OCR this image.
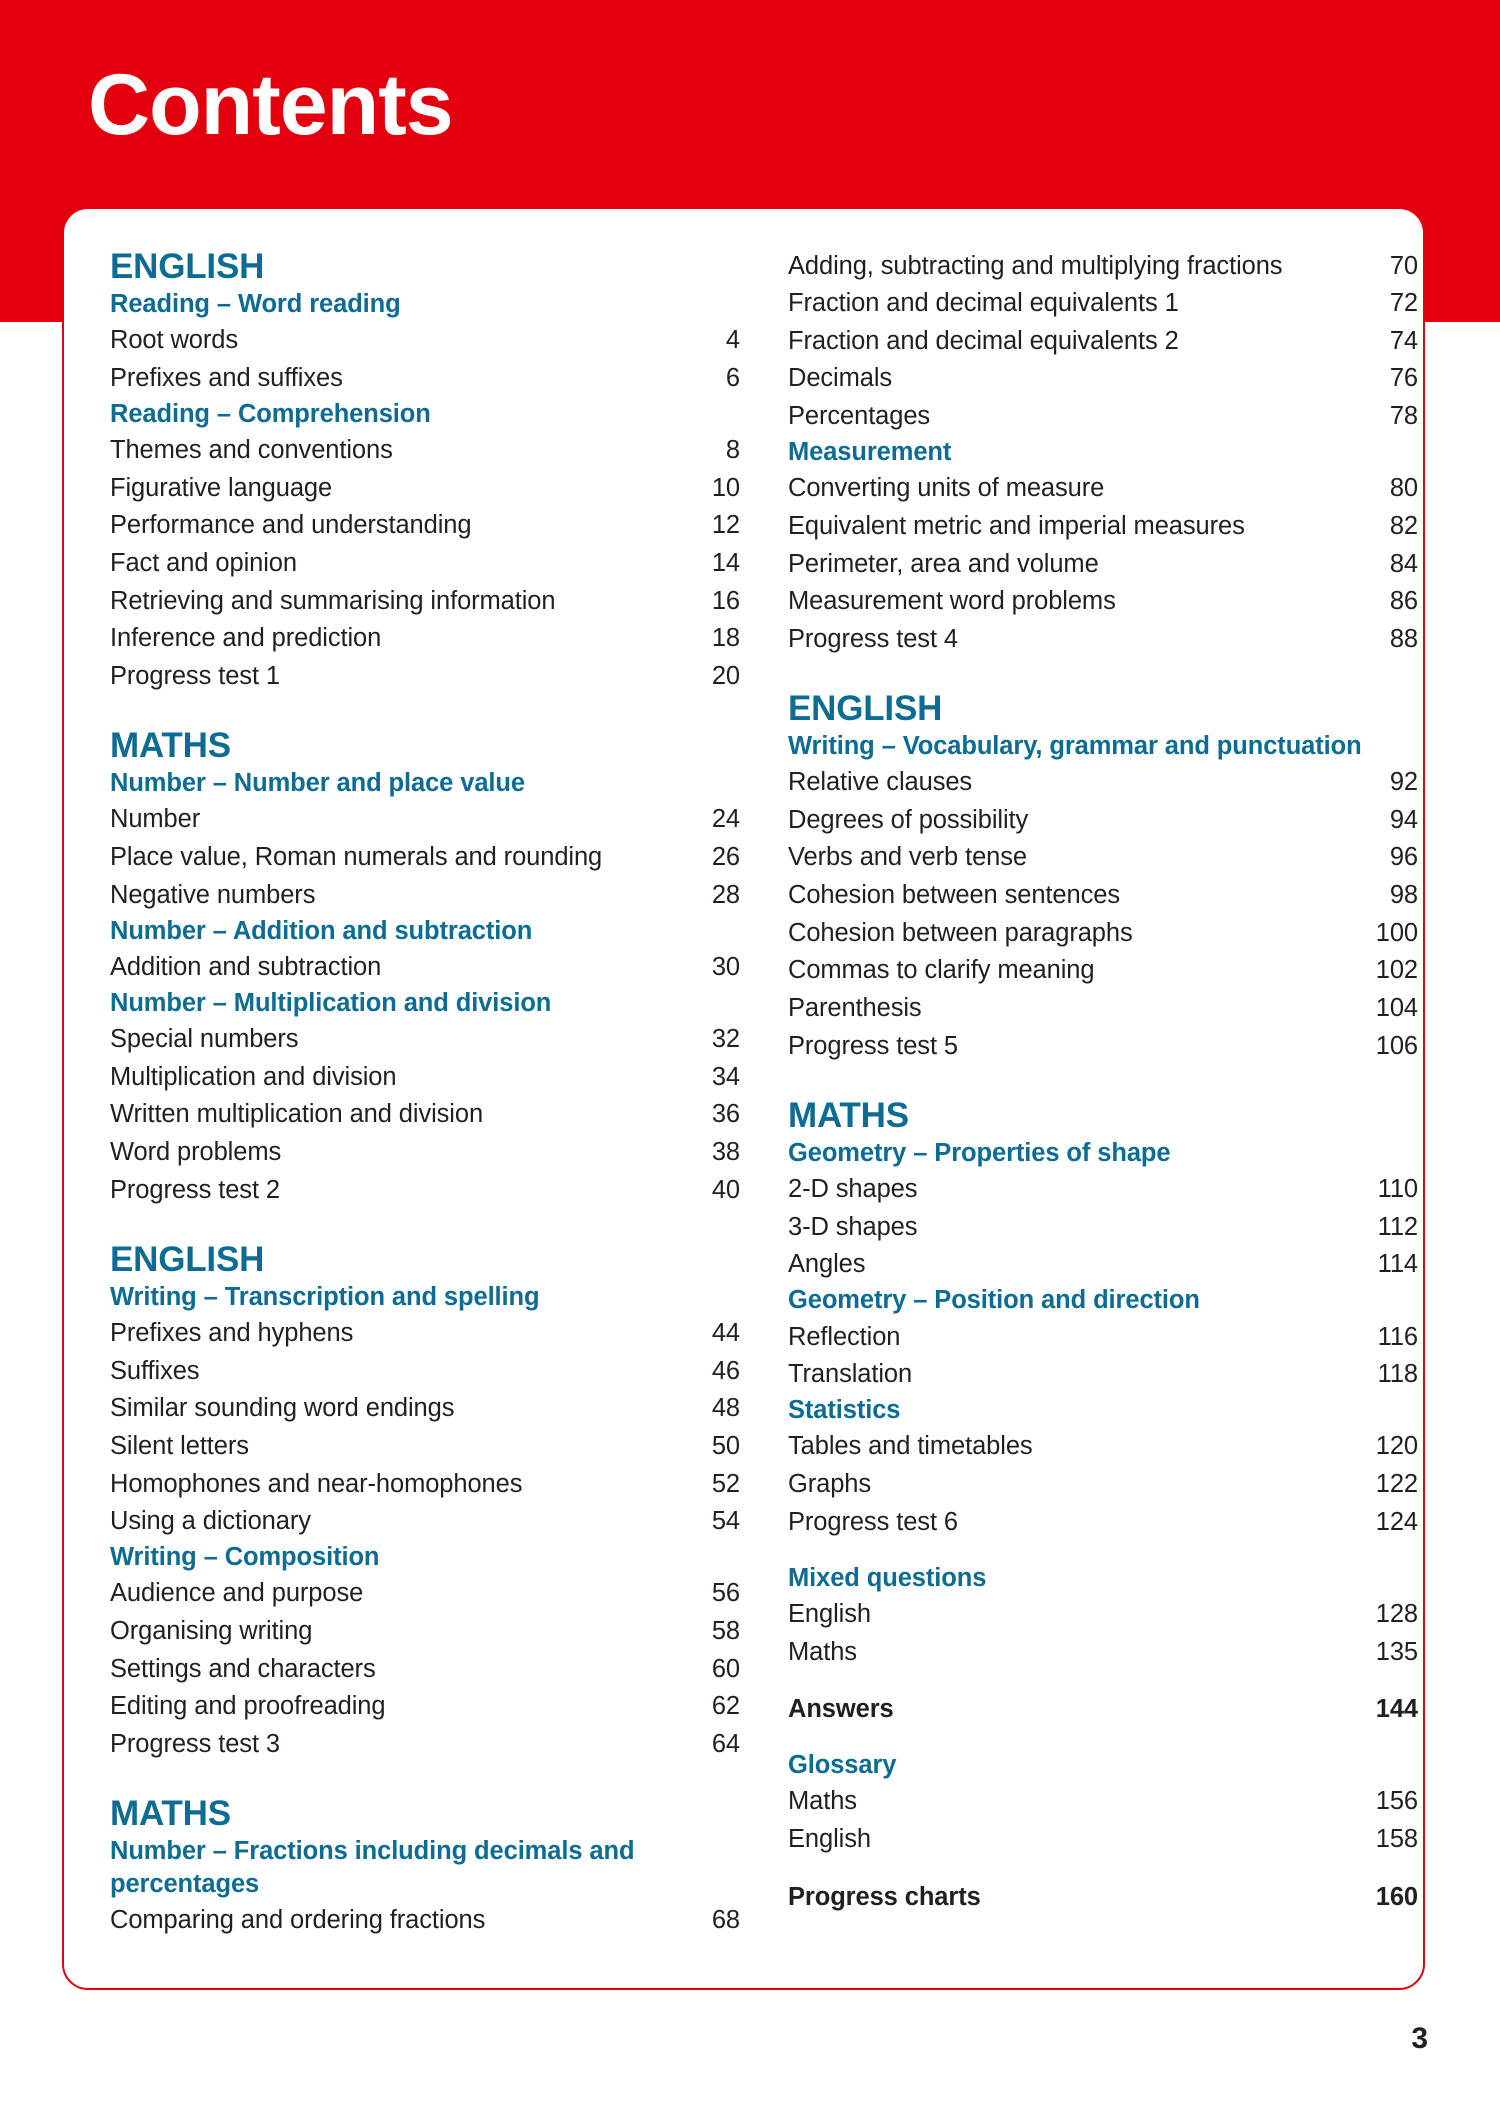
Contents
ENGLISH
Reading – Word reading
Root words	4
Prefixes and suffixes	6
Reading – Comprehension
Themes and conventions	8
Figurative language	10
Performance and understanding	12
Fact and opinion	14
Retrieving and summarising information	16
Inference and prediction	18
Progress test 1	20
MATHS
Number – Number and place value
Number	24
Place value, Roman numerals and rounding	26
Negative numbers	28
Number – Addition and subtraction
Addition and subtraction	30
Number – Multiplication and division
Special numbers	32
Multiplication and division	34
Written multiplication and division	36
Word problems	38
Progress test 2	40
ENGLISH
Writing – Transcription and spelling
Prefixes and hyphens	44
Suffixes	46
Similar sounding word endings	48
Silent letters	50
Homophones and near-homophones	52
Using a dictionary	54
Writing – Composition
Audience and purpose	56
Organising writing	58
Settings and characters	60
Editing and proofreading	62
Progress test 3	64
MATHS
Number – Fractions including decimals and percentages
Comparing and ordering fractions	68
Adding, subtracting and multiplying fractions	70
Fraction and decimal equivalents 1	72
Fraction and decimal equivalents 2	74
Decimals	76
Percentages	78
Measurement
Converting units of measure	80
Equivalent metric and imperial measures	82
Perimeter, area and volume	84
Measurement word problems	86
Progress test 4	88
ENGLISH
Writing – Vocabulary, grammar and punctuation
Relative clauses	92
Degrees of possibility	94
Verbs and verb tense	96
Cohesion between sentences	98
Cohesion between paragraphs	100
Commas to clarify meaning	102
Parenthesis	104
Progress test 5	106
MATHS
Geometry – Properties of shape
2-D shapes	110
3-D shapes	112
Angles	114
Geometry – Position and direction
Reflection	116
Translation	118
Statistics
Tables and timetables	120
Graphs	122
Progress test 6	124
Mixed questions
English	128
Maths	135
Answers	144
Glossary
Maths	156
English	158
Progress charts	160
3
